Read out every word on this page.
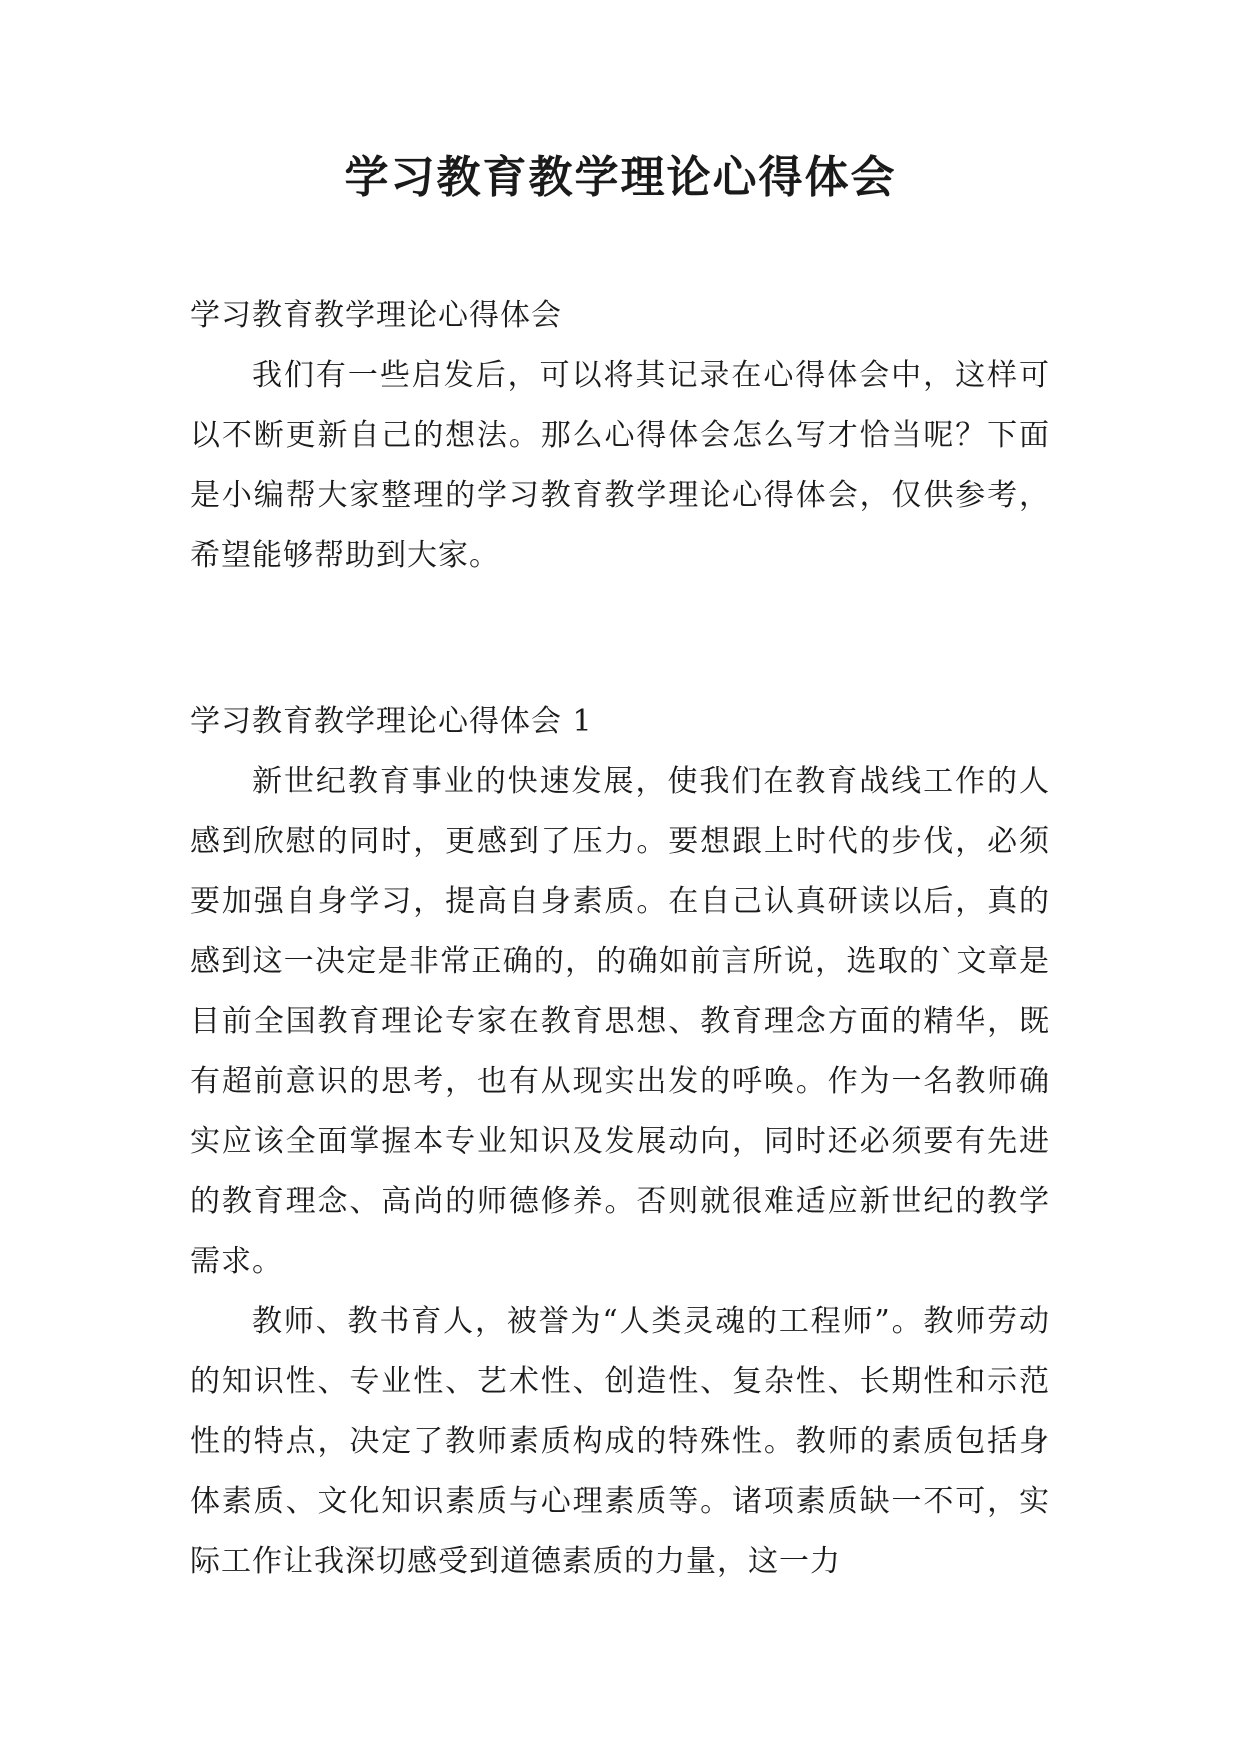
学习教育教学理论心得体会

学习教育教学理论心得体会

我们有一些启发后，可以将其记录在心得体会中，这样可以不断更新自己的想法。那么心得体会怎么写才恰当呢？下面是小编帮大家整理的学习教育教学理论心得体会，仅供参考，希望能够帮助到大家。

学习教育教学理论心得体会 1

新世纪教育事业的快速发展，使我们在教育战线工作的人感到欣慰的同时，更感到了压力。要想跟上时代的步伐，必须要加强自身学习，提高自身素质。在自己认真研读以后，真的感到这一决定是非常正确的，的确如前言所说，选取的`文章是目前全国教育理论专家在教育思想、教育理念方面的精华，既有超前意识的思考，也有从现实出发的呼唤。作为一名教师确实应该全面掌握本专业知识及发展动向，同时还必须要有先进的教育理念、高尚的师德修养。否则就很难适应新世纪的教学需求。

教师、教书育人，被誉为“人类灵魂的工程师”。教师劳动的知识性、专业性、艺术性、创造性、复杂性、长期性和示范性的特点，决定了教师素质构成的特殊性。教师的素质包括身体素质、文化知识素质与心理素质等。诸项素质缺一不可，实际工作让我深切感受到道德素质的力量，这一力
